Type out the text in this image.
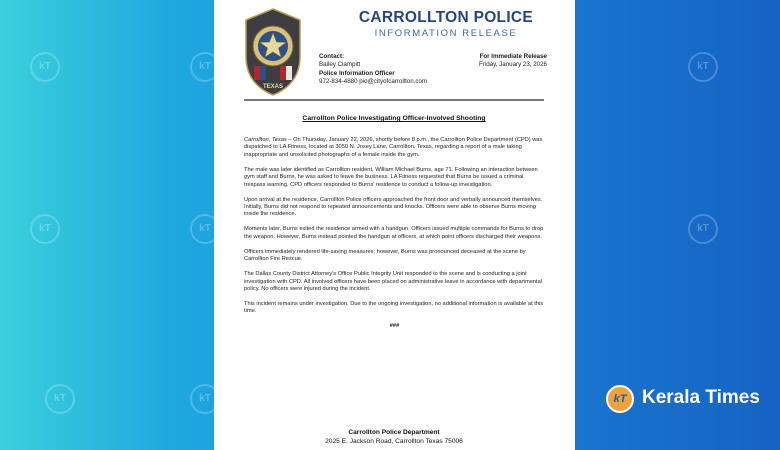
kT
kT
kT
kT
kT
kT
kT
kT
TEXAS
CARROLLTON POLICE
INFORMATION RELEASE
Contact:
Bailey Ciampitt
Police Information Officer
972-834-4880 pio@cityofcarrollton.com
For Immediate Release
Friday, January 23, 2026
Carrollton Police Investigating Officer-Involved Shooting

Carrollton, Texas – On Thursday, January 22, 2026, shortly before 8 p.m., the Carrollton Police Department (CPD) was dispatched to LA Fitness, located at 3050 N. Josey Lane, Carrollton, Texas, regarding a report of a male taking inappropriate and unsolicited photographs of a female inside the gym.

The male was later identified as Carrollton resident, William Michael Burns, age 71. Following an interaction between gym staff and Burns, he was asked to leave the business. LA Fitness requested that Burns be issued a criminal trespass warning. CPD officers responded to Burns' residence to conduct a follow-up investigation.

Upon arrival at the residence, Carrollton Police officers approached the front door and verbally announced themselves. Initially, Burns did not respond to repeated announcements and knocks. Officers were able to observe Burns moving inside the residence.

Moments later, Burns exited the residence armed with a handgun. Officers issued multiple commands for Burns to drop the weapon. However, Burns instead pointed the handgun at officers, at which point officers discharged their weapons.

Officers immediately rendered life-saving measures; however, Burns was pronounced deceased at the scene by Carrollton Fire Rescue.

The Dallas County District Attorney's Office Public Integrity Unit responded to the scene and is conducting a joint investigation with CPD. All involved officers have been placed on administrative leave in accordance with departmental policy. No officers were injured during the incident.

This incident remains under investigation. Due to the ongoing investigation, no additional information is available at this time.

###
Carrollton Police Department
2025 E. Jackson Road, Carrollton Texas 75006
kT Kerala Times
